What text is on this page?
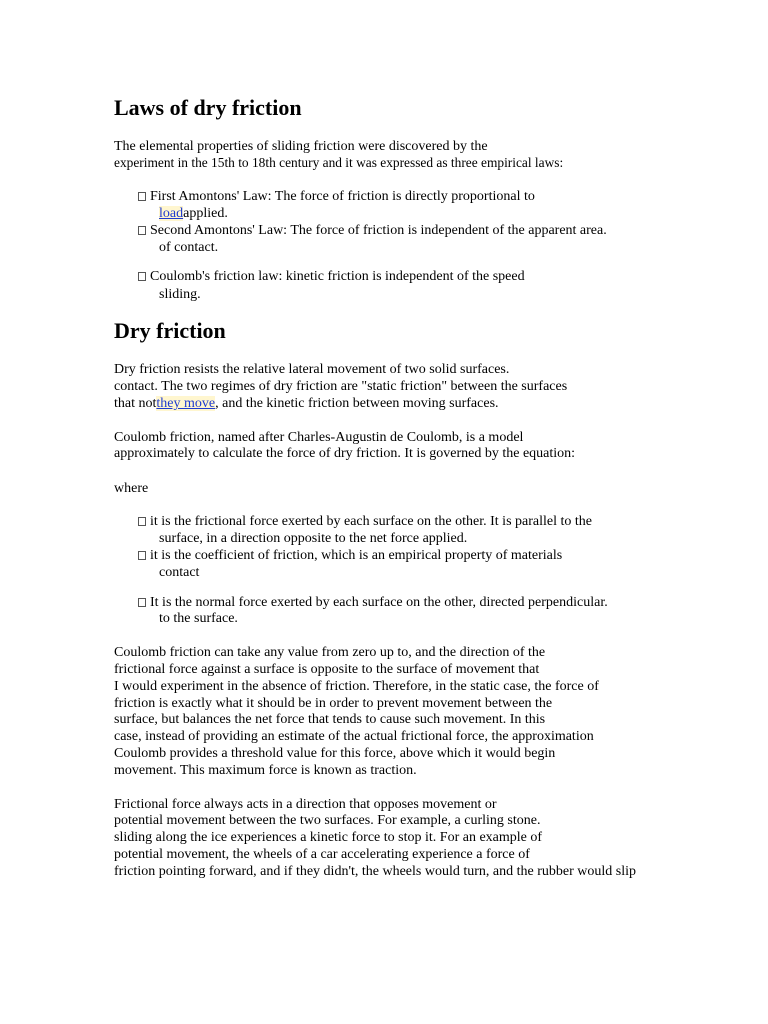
Laws of dry friction
The elemental properties of sliding friction were discovered by the
experiment in the 15th to 18th century and it was expressed as three empirical laws:
First Amontons' Law: The force of friction is directly proportional to
loadapplied.
Second Amontons' Law: The force of friction is independent of the apparent area.
of contact.
Coulomb's friction law: kinetic friction is independent of the speed
sliding.
Dry friction
Dry friction resists the relative lateral movement of two solid surfaces.
contact. The two regimes of dry friction are "static friction" between the surfaces
that notthey move, and the kinetic friction between moving surfaces.
Coulomb friction, named after Charles-Augustin de Coulomb, is a model
approximately to calculate the force of dry friction. It is governed by the equation:
where
it is the frictional force exerted by each surface on the other. It is parallel to the
surface, in a direction opposite to the net force applied.
it is the coefficient of friction, which is an empirical property of materials
contact
It is the normal force exerted by each surface on the other, directed perpendicular.
to the surface.
Coulomb friction can take any value from zero up to, and the direction of the
frictional force against a surface is opposite to the surface of movement that
I would experiment in the absence of friction. Therefore, in the static case, the force of
friction is exactly what it should be in order to prevent movement between the
surface, but balances the net force that tends to cause such movement. In this
case, instead of providing an estimate of the actual frictional force, the approximation
Coulomb provides a threshold value for this force, above which it would begin
movement. This maximum force is known as traction.
Frictional force always acts in a direction that opposes movement or
potential movement between the two surfaces. For example, a curling stone.
sliding along the ice experiences a kinetic force to stop it. For an example of
potential movement, the wheels of a car accelerating experience a force of
friction pointing forward, and if they didn't, the wheels would turn, and the rubber would slip
